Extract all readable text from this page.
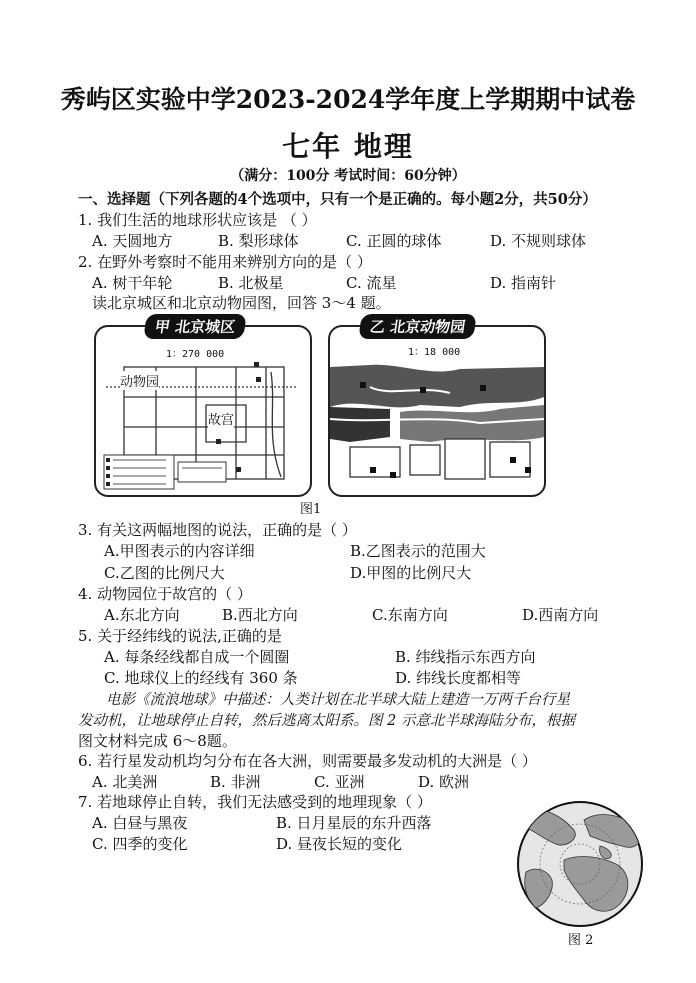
秀屿区实验中学2023-2024学年度上学期期中试卷
七年 地理
（满分：100分 考试时间：60分钟）
一、选择题（下列各题的4个选项中，只有一个是正确的。每小题2分，共50分）
1. 我们生活的地球形状应该是 （ ）
A. 天圆地方	B. 梨形球体	C. 正圆的球体	D. 不规则球体
2. 在野外考察时不能用来辨别方向的是（ ）
A. 树干年轮	B. 北极星	C. 流星	D. 指南针
读北京城区和北京动物园图，回答 3～4 题。
1：270 000
动物园
故宫
甲 北京城区
1：18 000
乙 北京动物园
图1
3. 有关这两幅地图的说法，正确的是（ ）
A.甲图表示的内容详细	B.乙图表示的范围大
C.乙图的比例尺大	D.甲图的比例尺大
4. 动物园位于故宫的（ ）
A.东北方向	B.西北方向	C.东南方向	D.西南方向
5. 关于经纬线的说法,正确的是
A. 每条经线都自成一个圆圈	B. 纬线指示东西方向
C. 地球仪上的经线有 360 条	D. 纬线长度都相等
电影《流浪地球》中描述：人类计划在北半球大陆上建造一万两千台行星
发动机，让地球停止自转，然后逃离太阳系。图 2 示意北半球海陆分布，根据
图文材料完成 6～8题。
6. 若行星发动机均匀分布在各大洲，则需要最多发动机的大洲是（ ）
A. 北美洲	B. 非洲	C. 亚洲	D. 欧洲
7. 若地球停止自转，我们无法感受到的地理现象（ ）
A. 白昼与黑夜	B. 日月星辰的东升西落
C. 四季的变化	D. 昼夜长短的变化
图 2
